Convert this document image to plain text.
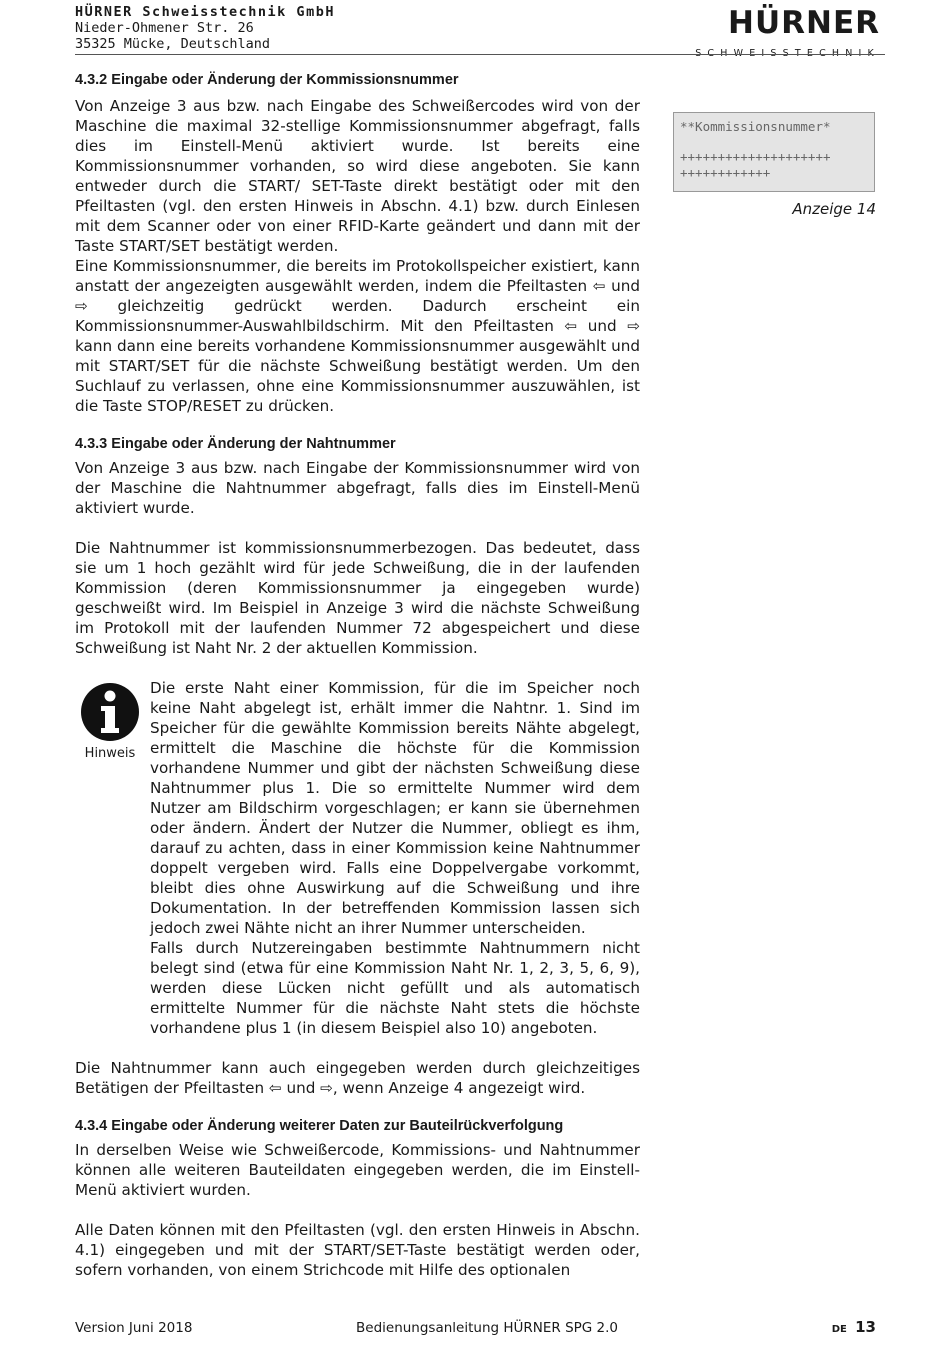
HÜRNER Schweisstechnik GmbH
Nieder-Ohmener Str. 26
35325 Mücke, Deutschland
HÜRNER
4.3.2 Eingabe oder Änderung der Kommissionsnummer

Von Anzeige 3 aus bzw. nach Eingabe des Schweißercodes wird von der Maschine die maximal 32-stellige Kommissionsnummer abgefragt, falls dies im Einstell-Menü aktiviert wurde. Ist bereits eine Kommissionsnummer vorhanden, so wird diese angeboten. Sie kann entweder durch die START/ SET-Taste direkt bestätigt oder mit den Pfeiltasten (vgl. den ersten Hinweis in Abschn. 4.1) bzw. durch Einlesen mit dem Scanner oder von einer RFID-Karte geändert und dann mit der Taste START/SET bestätigt werden.

**Kommissionsnummer*
++++++++++++++++++++
++++++++++++
Anzeige 14

Eine Kommissionsnummer, die bereits im Protokollspeicher existiert, kann anstatt der angezeigten ausgewählt werden, indem die Pfeiltasten ⇦ und ⇨ gleichzeitig gedrückt werden. Dadurch erscheint ein Kommissionsnummer-Auswahlbildschirm. Mit den Pfeiltasten ⇦ und ⇨ kann dann eine bereits vorhandene Kommissionsnummer ausgewählt und mit START/SET für die nächste Schweißung bestätigt werden. Um den Suchlauf zu verlassen, ohne eine Kommissionsnummer auszuwählen, ist die Taste STOP/RESET zu drücken.

4.3.3 Eingabe oder Änderung der Nahtnummer

Von Anzeige 3 aus bzw. nach Eingabe der Kommissionsnummer wird von der Maschine die Nahtnummer abgefragt, falls dies im Einstell-Menü aktiviert wurde.

Die Nahtnummer ist kommissionsnummerbezogen. Das bedeutet, dass sie um 1 hoch gezählt wird für jede Schweißung, die in der laufenden Kommission (deren Kommissionsnummer ja eingegeben wurde) geschweißt wird. Im Beispiel in Anzeige 3 wird die nächste Schweißung im Protokoll mit der laufenden Nummer 72 abgespeichert und diese Schweißung ist Naht Nr. 2 der aktuellen Kommission.

Hinweis

Die erste Naht einer Kommission, für die im Speicher noch keine Naht abgelegt ist, erhält immer die Nahtnr. 1. Sind im Speicher für die gewählte Kommission bereits Nähte abgelegt, ermittelt die Maschine die höchste für die Kommission vorhandene Nummer und gibt der nächsten Schweißung diese Nahtnummer plus 1. Die so ermittelte Nummer wird dem Nutzer am Bildschirm vorgeschlagen; er kann sie übernehmen oder ändern. Ändert der Nutzer die Nummer, obliegt es ihm, darauf zu achten, dass in einer Kommission keine Nahtnummer doppelt vergeben wird. Falls eine Doppelvergabe vorkommt, bleibt dies ohne Auswirkung auf die Schweißung und ihre Dokumentation. In der betreffenden Kommission lassen sich jedoch zwei Nähte nicht an ihrer Nummer unterscheiden.

Falls durch Nutzereingaben bestimmte Nahtnummern nicht belegt sind (etwa für eine Kommission Naht Nr. 1, 2, 3, 5, 6, 9), werden diese Lücken nicht gefüllt und als automatisch ermittelte Nummer für die nächste Naht stets die höchste vorhandene plus 1 (in diesem Beispiel also 10) angeboten.

Die Nahtnummer kann auch eingegeben werden durch gleichzeitiges Betätigen der Pfeiltasten ⇦ und ⇨, wenn Anzeige 4 angezeigt wird.

4.3.4 Eingabe oder Änderung weiterer Daten zur Bauteilrückverfolgung

In derselben Weise wie Schweißercode, Kommissions- und Nahtnummer können alle weiteren Bauteildaten eingegeben werden, die im Einstell-Menü aktiviert wurden.

Alle Daten können mit den Pfeiltasten (vgl. den ersten Hinweis in Abschn. 4.1) eingegeben und mit der START/SET-Taste bestätigt werden oder, sofern vorhanden, von einem Strichcode mit Hilfe des optionalen

Version Juni 2018	Bedienungsanleitung HÜRNER SPG 2.0	DE 13
